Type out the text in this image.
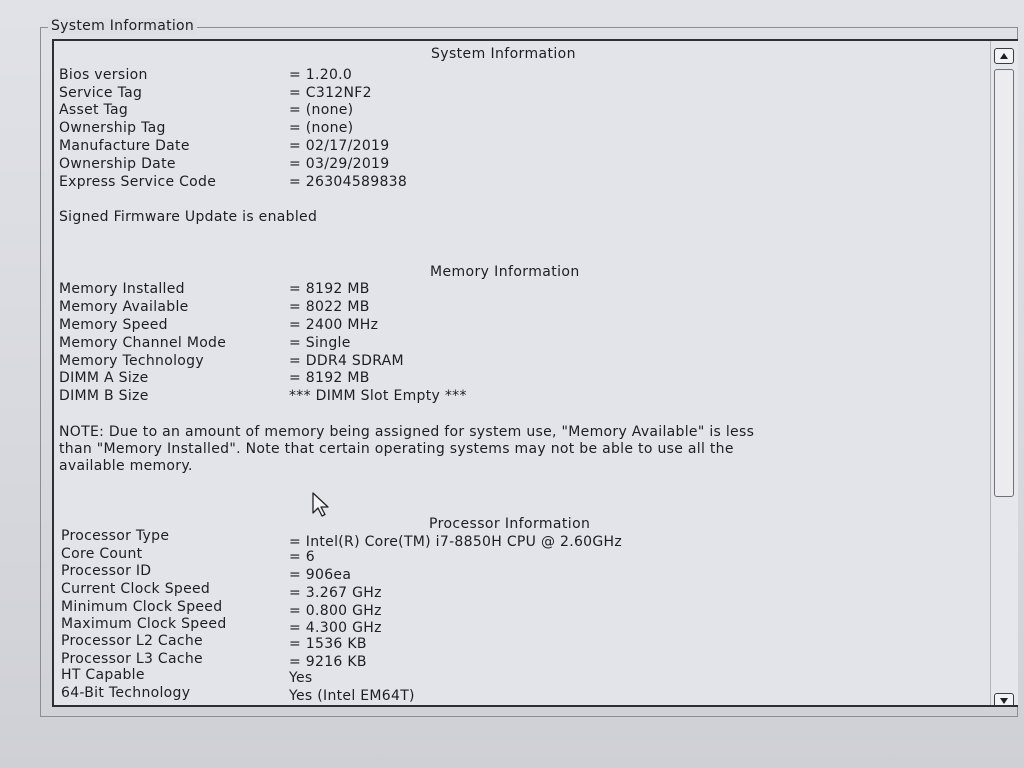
System Information
System Information
Bios version	= 1.20.0
Service Tag	= C312NF2
Asset Tag	= (none)
Ownership Tag	= (none)
Manufacture Date	= 02/17/2019
Ownership Date	= 03/29/2019
Express Service Code	= 26304589838
Signed Firmware Update is enabled
Memory Information
Memory Installed	= 8192 MB
Memory Available	= 8022 MB
Memory Speed	= 2400 MHz
Memory Channel Mode	= Single
Memory Technology	= DDR4 SDRAM
DIMM A Size	= 8192 MB
DIMM B Size	*** DIMM Slot Empty ***
NOTE: Due to an amount of memory being assigned for system use, "Memory Available" is less
than "Memory Installed". Note that certain operating systems may not be able to use all the
available memory.
Processor Information
Processor Type	= Intel(R) Core(TM) i7-8850H CPU @ 2.60GHz
Core Count	= 6
Processor ID	= 906ea
Current Clock Speed	= 3.267 GHz
Minimum Clock Speed	= 0.800 GHz
Maximum Clock Speed	= 4.300 GHz
Processor L2 Cache	= 1536 KB
Processor L3 Cache	= 9216 KB
HT Capable	Yes
64-Bit Technology	Yes (Intel EM64T)
